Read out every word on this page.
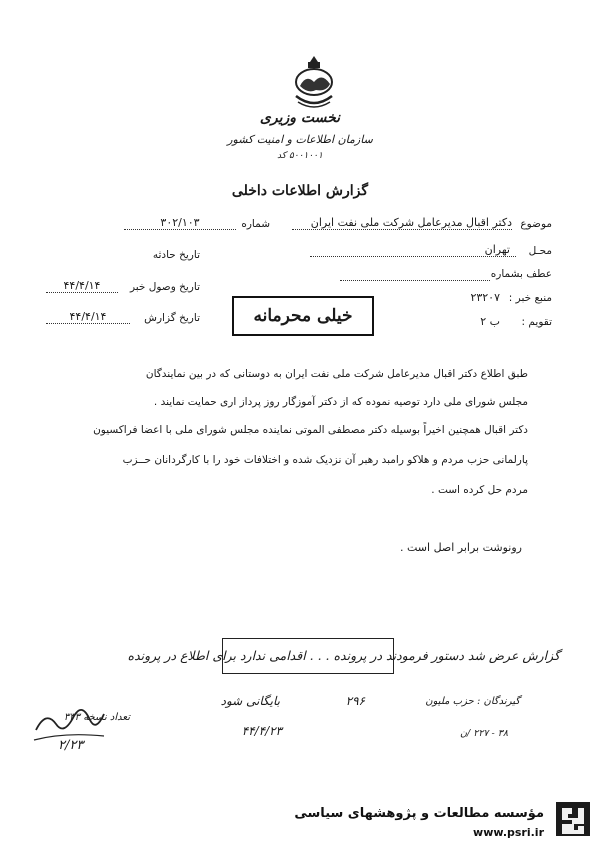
نخست وزیری
سازمان اطلاعات و امنیت کشور
۵۰۰۱۰۰۱ کد
گزارش اطلاعات داخلی
موضوع
دکتر اقبال مدیرعامل شرکت ملی نفت ایران
شماره
۳۰۲/۱۰۳
محـل
تهران
تاریخ حادثه
عطف بشماره
تاریخ وصول خبر
۴۴/۴/۱۴
منبع خبر :
۲۳۲۰۷
خیلی محرمانه
تاریخ گزارش
۴۴/۴/۱۴	تقویم :
ب ۲
طبق اطلاع دکتر اقبال مدیرعامل شرکت ملی نفت ایران به دوستانی که در بین نمایندگان
مجلس شورای ملی دارد توصیه نموده که از دکتر آموزگار روز پرداز اری حمایت نمایند .
دکتر اقبال همچنین اخیراً بوسیله دکتر مصطفی الموتی نماینده مجلس شورای ملی با اعضا فراکسیون
پارلمانی حزب مردم و هلاکو رامبد رهبر آن نزدیک شده و اختلافات خود را با کارگردانان حــزب
مردم حل کرده است .
رونوشت برابر اصل است .
گزارش عرض شد دستور فرمودند در پرونده . . . اقدامی ندارد برای اطلاع در پرونده
بایگانی شود	۲۹۶
۴۴/۴/۲۳
گیرندگان : حزب ملیون
۳۸ - ۲۲۷ /ن
تعداد نسخه ۳۳۳
۲/۲۳
مؤسسه مطالعات و پژوهشهای سیاسی
www.psri.ir
